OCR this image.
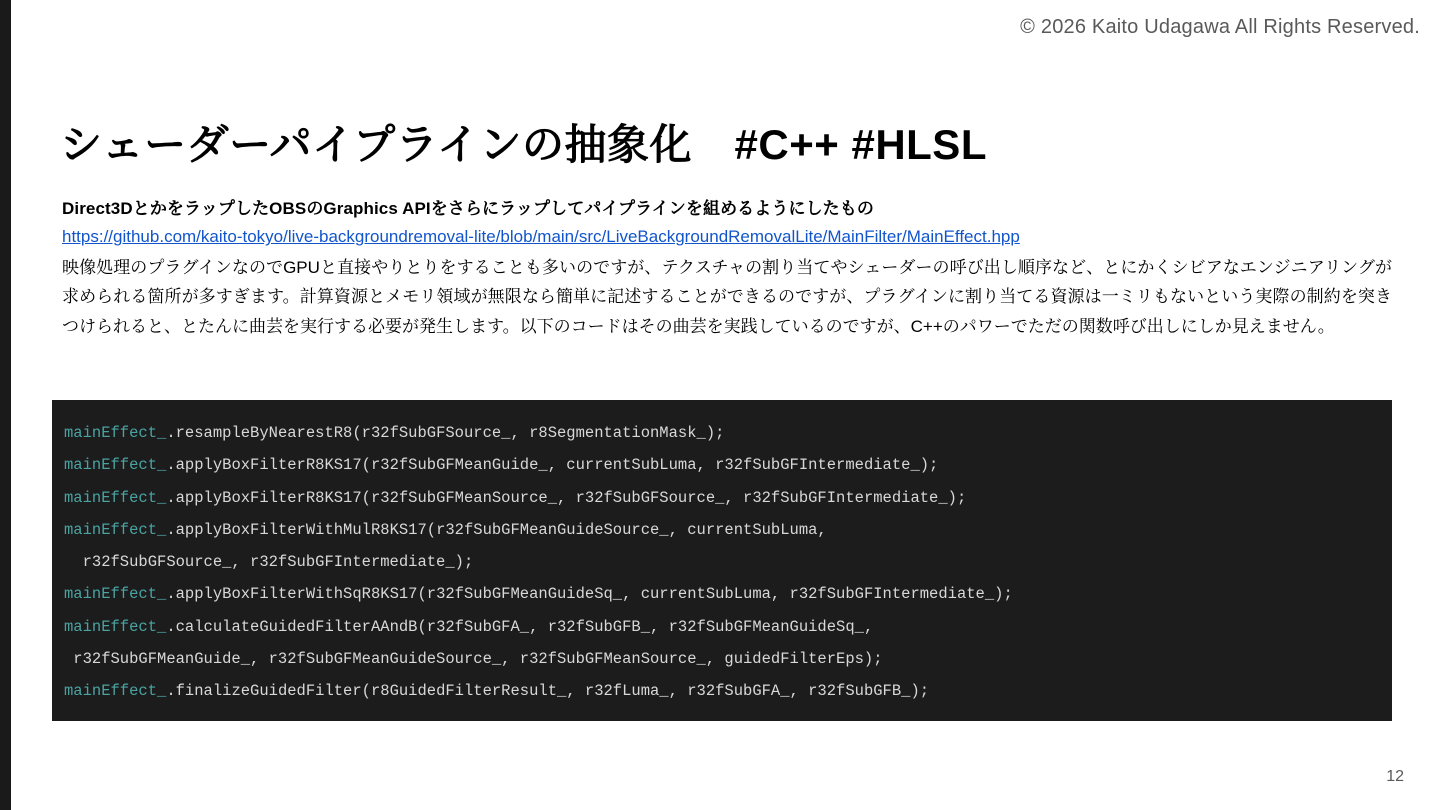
© 2026 Kaito Udagawa All Rights Reserved.
シェーダーパイプラインの抽象化　#C++ #HLSL
Direct3DとかをラップしたOBSのGraphics APIをさらにラップしてパイプラインを組めるようにしたもの
https://github.com/kaito-tokyo/live-backgroundremoval-lite/blob/main/src/LiveBackgroundRemovalLite/MainFilter/MainEffect.hpp
映像処理のプラグインなのでGPUと直接やりとりをすることも多いのですが、テクスチャの割り当てやシェーダーの呼び出し順序など、とにかくシビアなエンジニアリングが求められる箇所が多すぎます。計算資源とメモリ領域が無限なら簡単に記述することができるのですが、プラグインに割り当てる資源は一ミリもないという実際の制約を突きつけられると、とたんに曲芸を実行する必要が発生します。以下のコードはその曲芸を実践しているのですが、C++のパワーでただの関数呼び出しにしか見えません。
mainEffect_.resampleByNearestR8(r32fSubGFSource_, r8SegmentationMask_);
mainEffect_.applyBoxFilterR8KS17(r32fSubGFMeanGuide_, currentSubLuma, r32fSubGFIntermediate_);
mainEffect_.applyBoxFilterR8KS17(r32fSubGFMeanSource_, r32fSubGFSource_, r32fSubGFIntermediate_);
mainEffect_.applyBoxFilterWithMulR8KS17(r32fSubGFMeanGuideSource_, currentSubLuma,
r32fSubGFSource_, r32fSubGFIntermediate_);
mainEffect_.applyBoxFilterWithSqR8KS17(r32fSubGFMeanGuideSq_, currentSubLuma, r32fSubGFIntermediate_);
mainEffect_.calculateGuidedFilterAAndB(r32fSubGFA_, r32fSubGFB_, r32fSubGFMeanGuideSq_,
r32fSubGFMeanGuide_, r32fSubGFMeanGuideSource_, r32fSubGFMeanSource_, guidedFilterEps);
mainEffect_.finalizeGuidedFilter(r8GuidedFilterResult_, r32fLuma_, r32fSubGFA_, r32fSubGFB_);
12
